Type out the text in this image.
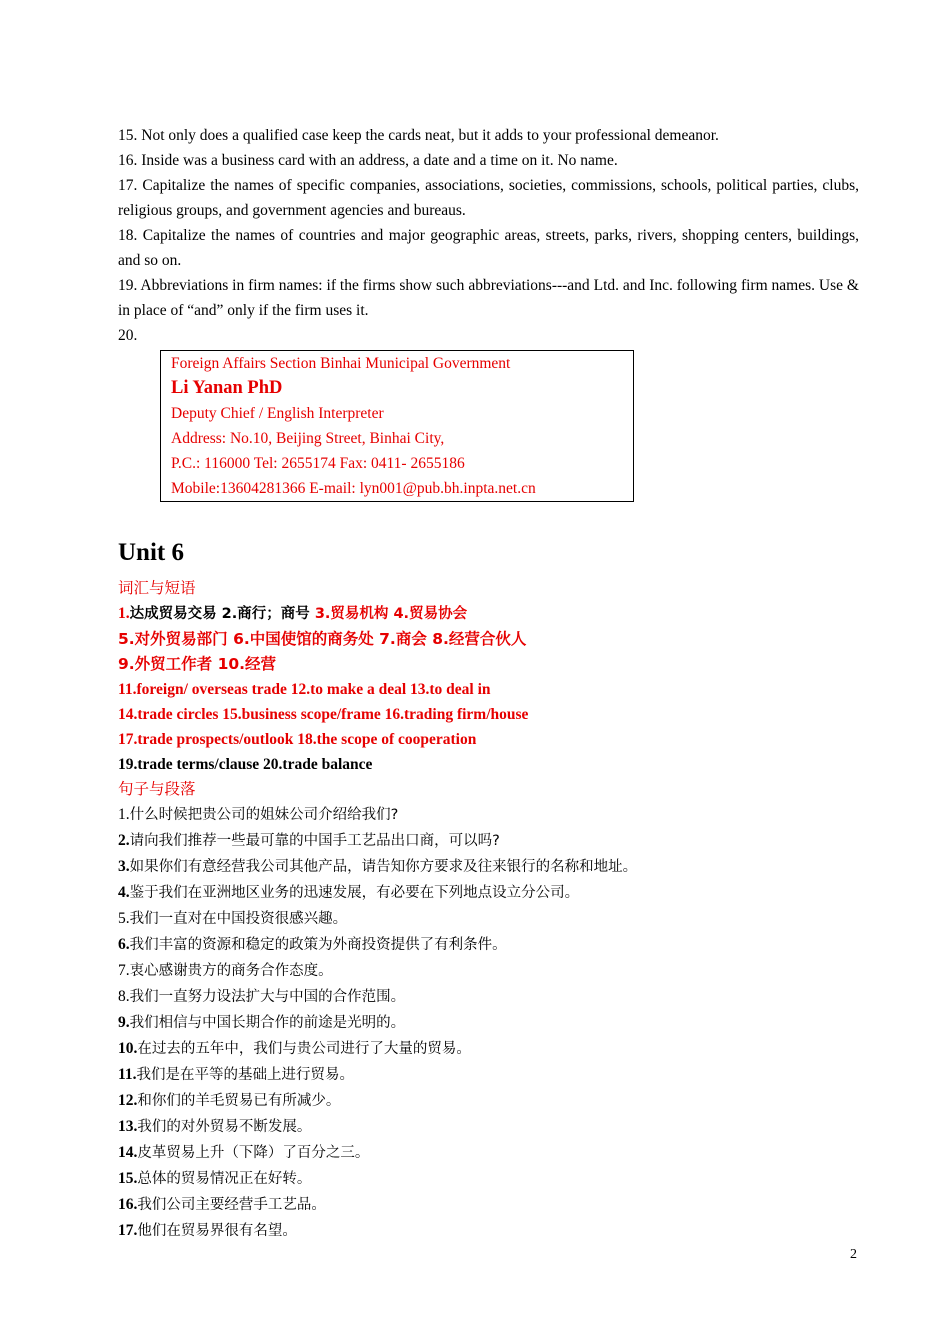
15. Not only does a qualified case keep the cards neat, but it adds to your professional demeanor.

16. Inside was a business card with an address, a date and a time on it. No name.

17. Capitalize the names of specific companies, associations, societies, commissions, schools, political parties, clubs, religious groups, and government agencies and bureaus.

18. Capitalize the names of countries and major geographic areas, streets, parks, rivers, shopping centers, buildings, and so on.

19. Abbreviations in firm names: if the firms show such abbreviations---and Ltd. and Inc. following firm names. Use & in place of “and” only if the firm uses it.

20.

Foreign Affairs Section Binhai Municipal Government
Li Yanan PhD
Deputy Chief / English Interpreter
Address: No.10, Beijing Street, Binhai City,
P.C.: 116000 Tel: 2655174 Fax: 0411- 2655186
Mobile:13604281366 E-mail: lyn001@pub.bh.inpta.net.cn
Unit 6

词汇与短语

1.达成贸易交易 2.商行；商号 3.贸易机构 4.贸易协会

5.对外贸易部门 6.中国使馆的商务处 7.商会 8.经营合伙人

9.外贸工作者 10.经营

11.foreign/ overseas trade 12.to make a deal 13.to deal in

14.trade circles 15.business scope/frame 16.trading firm/house

17.trade prospects/outlook 18.the scope of cooperation

19.trade terms/clause 20.trade balance

句子与段落

1.什么时候把贵公司的姐妹公司介绍给我们?

2.请向我们推荐一些最可靠的中国手工艺品出口商，可以吗?

3.如果你们有意经营我公司其他产品，请告知你方要求及往来银行的名称和地址。

4.鉴于我们在亚洲地区业务的迅速发展，有必要在下列地点设立分公司。

5.我们一直对在中国投资很感兴趣。

6.我们丰富的资源和稳定的政策为外商投资提供了有利条件。

7.衷心感谢贵方的商务合作态度。

8.我们一直努力设法扩大与中国的合作范围。

9.我们相信与中国长期合作的前途是光明的。

10.在过去的五年中，我们与贵公司进行了大量的贸易。

11.我们是在平等的基础上进行贸易。

12.和你们的羊毛贸易已有所减少。

13.我们的对外贸易不断发展。

14.皮革贸易上升（下降）了百分之三。

15.总体的贸易情况正在好转。

16.我们公司主要经营手工艺品。

17.他们在贸易界很有名望。

2
